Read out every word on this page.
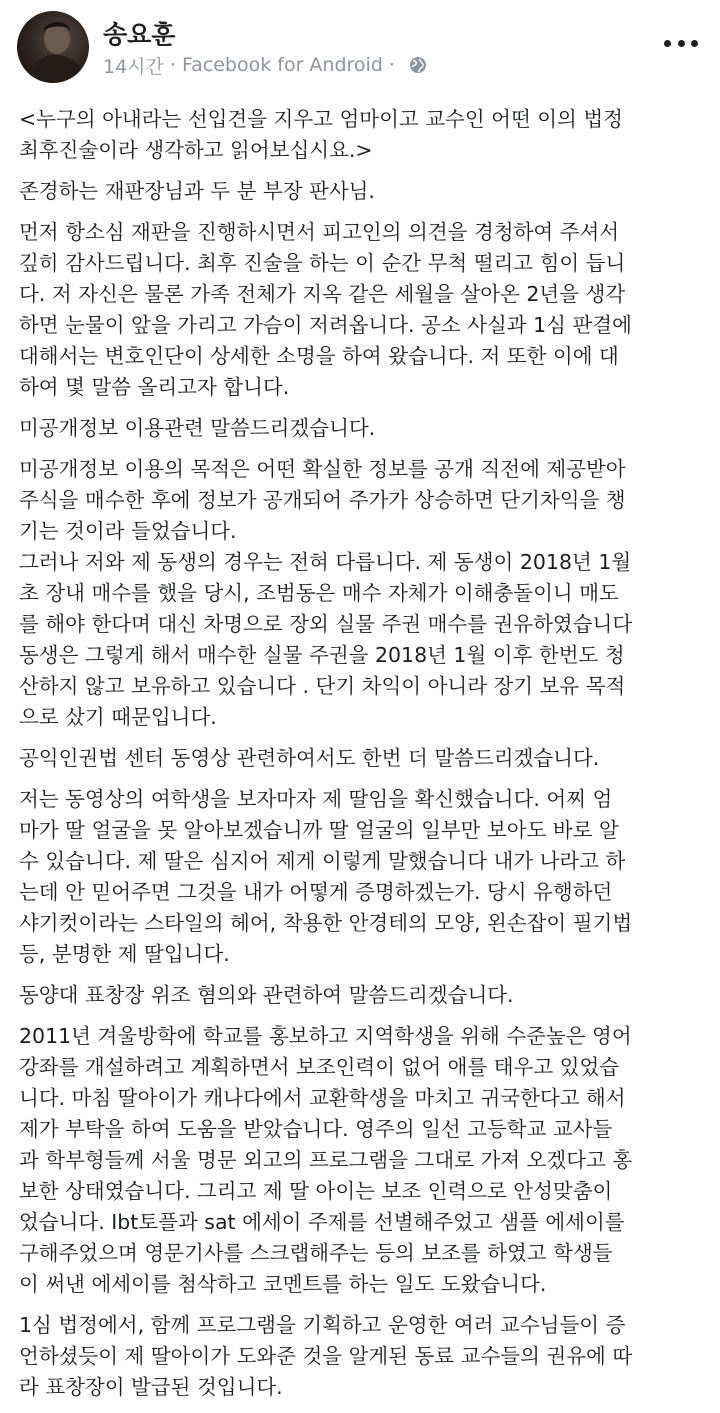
송요훈
14시간 · Facebook for Android ·
<누구의 아내라는 선입견을 지우고 엄마이고 교수인 어떤 이의 법정
최후진술이라 생각하고 읽어보십시요.>
존경하는 재판장님과 두 분 부장 판사님.
먼저 항소심 재판을 진행하시면서 피고인의 의견을 경청하여 주셔서
깊히 감사드립니다. 최후 진술을 하는 이 순간 무척 떨리고 힘이 듭니
다. 저 자신은 물론 가족 전체가 지옥 같은 세월을 살아온 2년을 생각
하면 눈물이 앞을 가리고 가슴이 저려옵니다. 공소 사실과 1심 판결에
대해서는 변호인단이 상세한 소명을 하여 왔습니다. 저 또한 이에 대
하여 몇 말씀 올리고자 합니다.
미공개정보 이용관련 말씀드리겠습니다.
미공개정보 이용의 목적은 어떤 확실한 정보를 공개 직전에 제공받아
주식을 매수한 후에 정보가 공개되어 주가가 상승하면 단기차익을 챙
기는 것이라 들었습니다.
그러나 저와 제 동생의 경우는 전혀 다릅니다. 제 동생이 2018년 1월
초 장내 매수를 했을 당시, 조범동은 매수 자체가 이해충돌이니 매도
를 해야 한다며 대신 차명으로 장외 실물 주권 매수를 권유하였습니다
동생은 그렇게 해서 매수한 실물 주권을 2018년 1월 이후 한번도 청
산하지 않고 보유하고 있습니다 . 단기 차익이 아니라 장기 보유 목적
으로 샀기 때문입니다.
공익인권법 센터 동영상 관련하여서도 한번 더 말씀드리겠습니다.
저는 동영상의 여학생을 보자마자 제 딸임을 확신했습니다. 어찌 엄
마가 딸 얼굴을 못 알아보겠습니까 딸 얼굴의 일부만 보아도 바로 알
수 있습니다. 제 딸은 심지어 제게 이렇게 말했습니다 내가 나라고 하
는데 안 믿어주면 그것을 내가 어떻게 증명하겠는가. 당시 유행하던
샤기컷이라는 스타일의 헤어, 착용한 안경테의 모양, 왼손잡이 필기법
등, 분명한 제 딸입니다.
동양대 표창장 위조 혐의와 관련하여 말씀드리겠습니다.
2011년 겨울방학에 학교를 홍보하고 지역학생을 위해 수준높은 영어
강좌를 개설하려고 계획하면서 보조인력이 없어 애를 태우고 있었습
니다. 마침 딸아이가 캐나다에서 교환학생을 마치고 귀국한다고 해서
제가 부탁을 하여 도움을 받았습니다. 영주의 일선 고등학교 교사들
과 학부형들께 서울 명문 외고의 프로그램을 그대로 가져 오겠다고 홍
보한 상태였습니다. 그리고 제 딸 아이는 보조 인력으로 안성맞춤이
었습니다. Ibt토플과 sat 에세이 주제를 선별해주었고 샘플 에세이를
구해주었으며 영문기사를 스크랩해주는 등의 보조를 하였고 학생들
이 써낸 에세이를 첨삭하고 코멘트를 하는 일도 도왔습니다.
1심 법정에서, 함께 프로그램을 기획하고 운영한 여러 교수님들이 증
언하셨듯이 제 딸아이가 도와준 것을 알게된 동료 교수들의 권유에 따
라 표창장이 발급된 것입니다.
